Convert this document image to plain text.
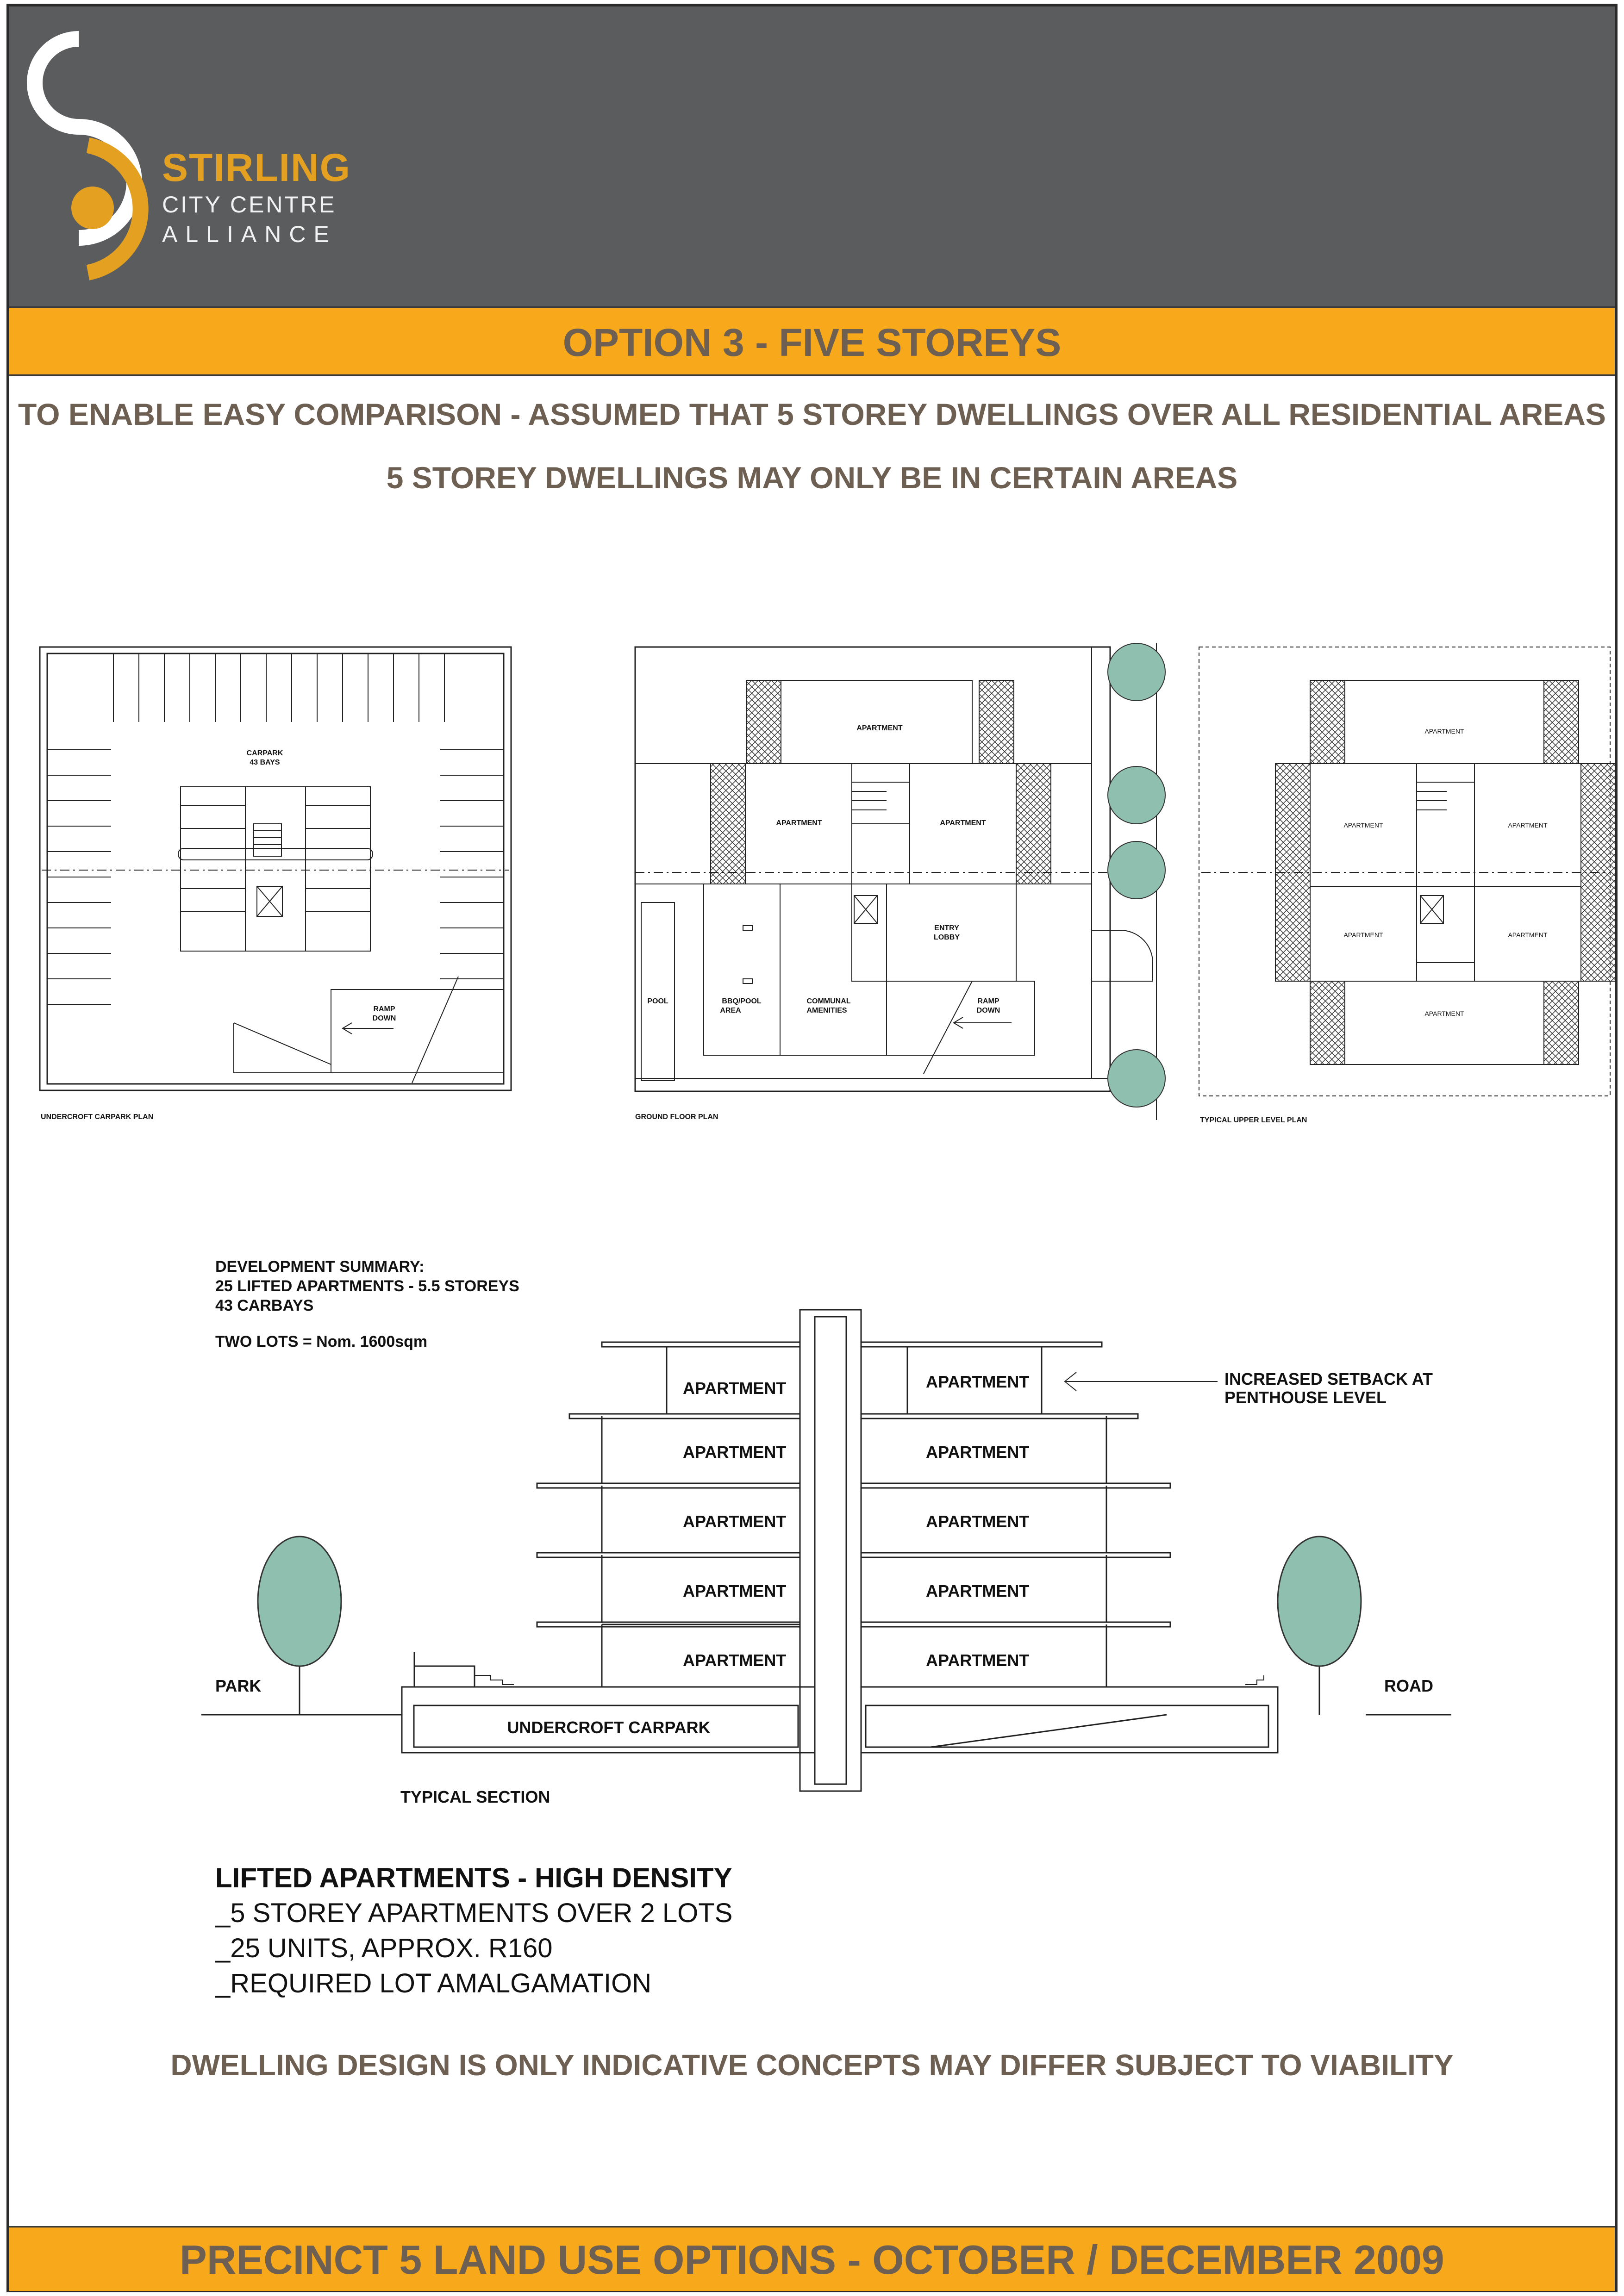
STIRLING
CITY CENTRE
ALLIANCE
OPTION 3 - FIVE STOREYS
TO ENABLE EASY COMPARISON - ASSUMED THAT 5 STOREY DWELLINGS OVER ALL RESIDENTIAL AREAS
5 STOREY DWELLINGS MAY ONLY BE IN CERTAIN AREAS
CARPARK
43 BAYS
RAMP
DOWN
UNDERCROFT CARPARK PLAN
APARTMENT
APARTMENT	APARTMENT
ENTRY
LOBBY
POOL	BBQ/POOL
AREA
COMMUNAL
AMENITIES
RAMP
DOWN
GROUND FLOOR PLAN	TYPICAL UPPER LEVEL PLAN
APARTMENT
APARTMENT	APARTMENT
APARTMENT	APARTMENT
APARTMENT
APARTMENT	APARTMENT
APARTMENT	APARTMENT
APARTMENT	APARTMENT
APARTMENT	APARTMENT
APARTMENT	APARTMENT
UNDERCROFT CARPARK
PARK	ROAD
INCREASED SETBACK AT
PENTHOUSE LEVEL
TYPICAL SECTION
DEVELOPMENT SUMMARY:
25 LIFTED APARTMENTS - 5.5 STOREYS
43 CARBAYS
TWO LOTS = Nom. 1600sqm
LIFTED APARTMENTS - HIGH DENSITY
_5 STOREY APARTMENTS OVER 2 LOTS
_25 UNITS, APPROX. R160
_REQUIRED LOT AMALGAMATION
DWELLING DESIGN IS ONLY INDICATIVE CONCEPTS MAY DIFFER SUBJECT TO VIABILITY
PRECINCT 5 LAND USE OPTIONS - OCTOBER / DECEMBER 2009
